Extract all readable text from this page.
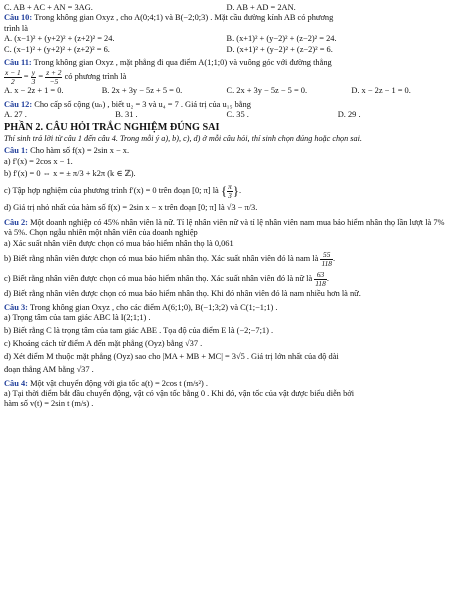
C. AB + AC + AN = 3AG.	D. AB + AD = 2AN.
Câu 10: Trong không gian Oxyz , cho A(0;4;1) và B(−2;0;3) . Mặt cầu đường kính AB có phương
trình là
A. (x−1)² + (y+2)² + (z+2)² = 24.	B. (x+1)² + (y−2)² + (z−2)² = 24.
C. (x−1)² + (y+2)² + (z+2)² = 6.	D. (x+1)² + (y−2)² + (z−2)² = 6.
Câu 11: Trong không gian Oxyz , mặt phẳng đi qua điểm A(1;1;0) và vuông góc với đường thẳng
$\frac{x - 1}{2} = \frac{y}{3} = \frac{z + 2}{-5}$ có phương trình là
A. x − 2z + 1 = 0.	B. 2x + 3y − 5z + 5 = 0.	C. 2x + 3y − 5z − 5 = 0.	D. x − 2z − 1 = 0.
Câu 12: Cho cấp số cộng (uₙ) , biết u₂ = 3 và u₄ = 7 . Giá trị của u₁₅ bằng
A. 27 .	B. 31 .	C. 35 .	D. 29 .
PHẦN 2. CÂU HỎI TRẮC NGHIỆM ĐÚNG SAI
Thí sinh trả lời từ câu 1 đến câu 4. Trong mỗi ý a), b), c), d) ở mỗi câu hỏi, thí sinh chọn đúng hoặc chọn sai.
Câu 1: Cho hàm số f(x) = 2sin x − x.
a) f′(x) = 2cos x − 1.
b) f′(x) = 0 ⇔ x = ± π/3 + k2π (k ∈ ℤ).
c) Tập hợp nghiệm của phương trình f′(x) = 0 trên đoạn [0; π] là { $\frac{\pi}{3}$ }.
d) Giá trị nhỏ nhất của hàm số f(x) = 2sin x − x trên đoạn [0; π] là √3 − π/3.
Câu 2: Một doanh nghiệp có 45% nhân viên là nữ. Tỉ lệ nhân viên nữ và tỉ lệ nhân viên nam mua bảo hiểm nhân thọ lần lượt là 7% và 5%. Chọn ngẫu nhiên một nhân viên của doanh nghiệp
a) Xác suất nhân viên được chọn có mua bảo hiểm nhân thọ là 0,061
b) Biết rằng nhân viên được chọn có mua bảo hiểm nhân thọ. Xác suất nhân viên đó là nam là $\frac{55}{118}$ .
c) Biết rằng nhân viên được chọn có mua bảo hiểm nhân thọ. Xác suất nhân viên đó là nữ là $\frac{63}{118}$ .
d) Biết rằng nhân viên được chọn có mua bảo hiểm nhân thọ. Khi đó nhân viên đó là nam nhiều hơn là nữ.
Câu 3: Trong không gian Oxyz , cho các điểm A(6;1;0), B(−1;3;2) và C(1;−1;1) .
a) Trọng tâm của tam giác ABC là I(2;1;1) .
b) Biết rằng C là trọng tâm của tam giác ABE . Tọa độ của điểm E là (−2;−7;1) .
c) Khoảng cách từ điểm A đến mặt phẳng (Oyz) bằng √37 .
d) Xét điểm M thuộc mặt phẳng (Oyz) sao cho |MA + MB + MC| = 3√5 . Giá trị lớn nhất của độ dài
đoạn thẳng AM bằng √37 .
Câu 4: Một vật chuyển động với gia tốc a(t) = 2cos t (m/s²) .
a) Tại thời điểm bắt đầu chuyển động, vật có vận tốc bằng 0 . Khi đó, vận tốc của vật được biểu diễn bởi
hàm số v(t) = 2sin t (m/s) .
